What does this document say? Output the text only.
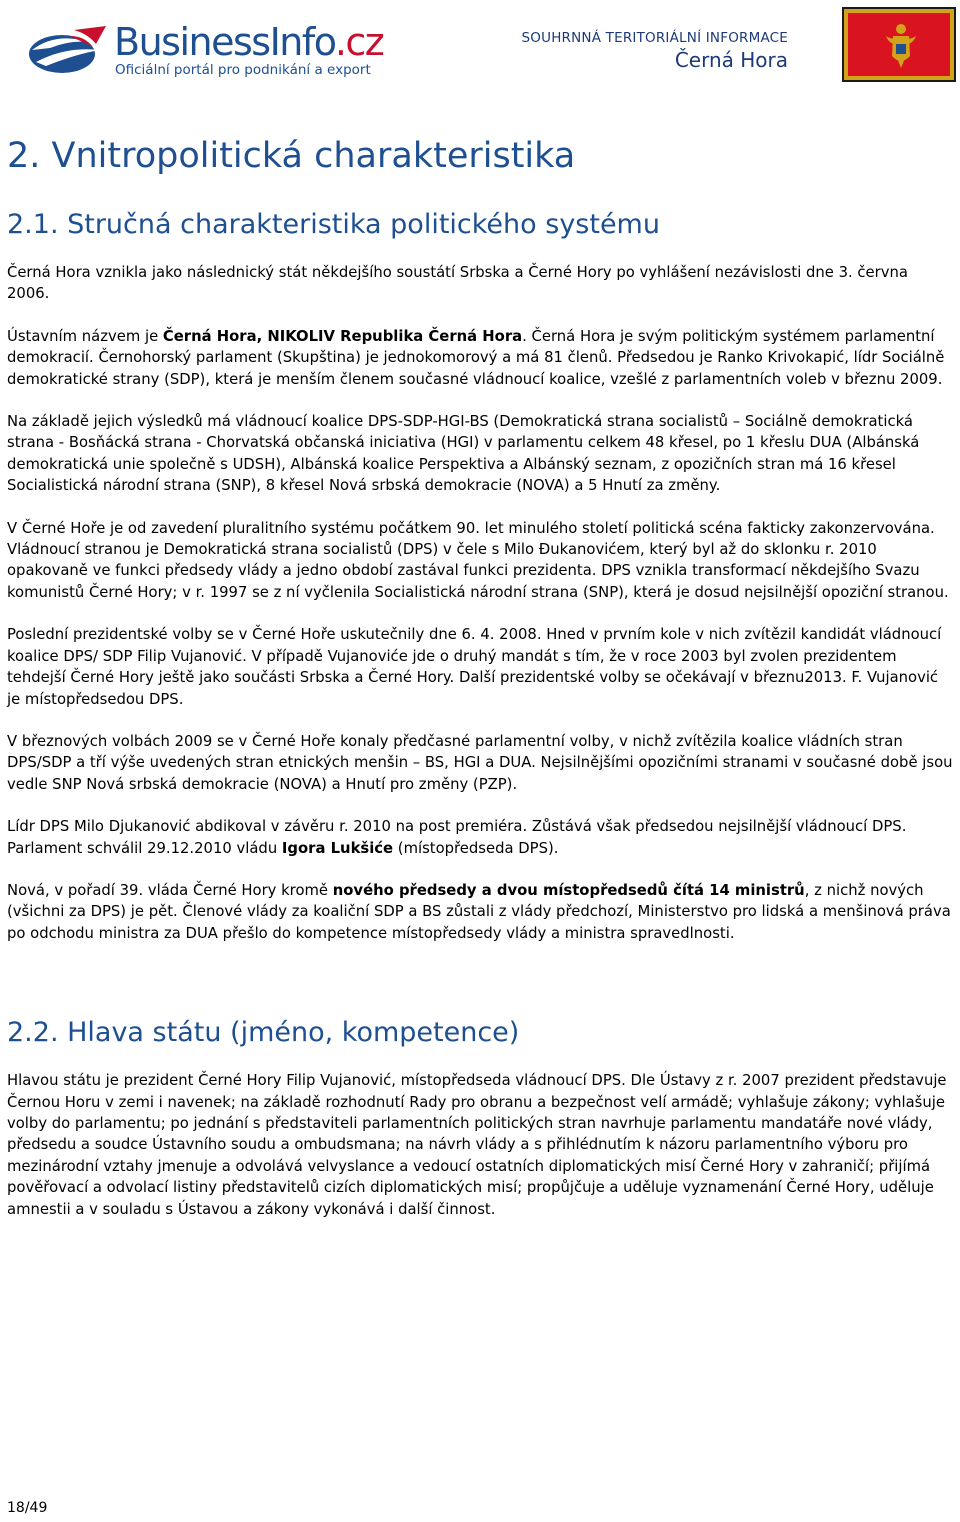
BusinessInfo.cz
Oficiální portál pro podnikání a export
SOUHRNNÁ TERITORIÁLNÍ INFORMACE
Černá Hora
2. Vnitropolitická charakteristika
2.1. Stručná charakteristika politického systému

Černá Hora vznikla jako následnický stát někdejšího soustátí Srbska a Černé Hory po vyhlášení nezávislosti dne 3. června 2006.

Ústavním názvem je Černá Hora, NIKOLIV Republika Černá Hora. Černá Hora je svým politickým systémem parlamentní demokracií. Černohorský parlament (Skupština) je jednokomorový a má 81 členů. Předsedou je Ranko Krivokapić, lídr Sociálně demokratické strany (SDP), která je menším členem současné vládnoucí koalice, vzešlé z parlamentních voleb v březnu 2009.

Na základě jejich výsledků má vládnoucí koalice DPS-SDP-HGI-BS (Demokratická strana socialistů – Sociálně demokratická strana - Bosňácká strana - Chorvatská občanská iniciativa (HGI) v parlamentu celkem 48 křesel, po 1 křeslu DUA (Albánská demokratická unie společně s UDSH), Albánská koalice Perspektiva a Albánský seznam, z opozičních stran má 16 křesel Socialistická národní strana (SNP), 8 křesel Nová srbská demokracie (NOVA) a 5 Hnutí za změny.

V Černé Hoře je od zavedení pluralitního systému počátkem 90. let minulého století politická scéna fakticky zakonzervována. Vládnoucí stranou je Demokratická strana socialistů (DPS) v čele s Milo Đukanovićem, který byl až do sklonku r. 2010 opakovaně ve funkci předsedy vlády a jedno období zastával funkci prezidenta. DPS vznikla transformací někdejšího Svazu komunistů Černé Hory; v r. 1997 se z ní vyčlenila Socialistická národní strana (SNP), která je dosud nejsilnější opoziční stranou.

Poslední prezidentské volby se v Černé Hoře uskutečnily dne 6. 4. 2008. Hned v prvním kole v nich zvítězil kandidát vládnoucí koalice DPS/ SDP Filip Vujanović. V případě Vujanoviće jde o druhý mandát s tím, že v roce 2003 byl zvolen prezidentem tehdejší Černé Hory ještě jako součásti Srbska a Černé Hory. Další prezidentské volby se očekávají v březnu2013. F. Vujanović je místopředsedou DPS.

V březnových volbách 2009 se v Černé Hoře konaly předčasné parlamentní volby, v nichž zvítězila koalice vládních stran DPS/SDP a tří výše uvedených stran etnických menšin – BS, HGI a DUA. Nejsilnějšími opozičními stranami v současné době jsou vedle SNP Nová srbská demokracie (NOVA) a Hnutí pro změny (PZP).

Lídr DPS Milo Djukanović abdikoval v závěru r. 2010 na post premiéra. Zůstává však předsedou nejsilnější vládnoucí DPS. Parlament schválil 29.12.2010 vládu Igora Lukšiće (místopředseda DPS).

Nová, v pořadí 39. vláda Černé Hory kromě nového předsedy a dvou místopředsedů čítá 14 ministrů, z nichž nových (všichni za DPS) je pět. Členové vlády za koaliční SDP a BS zůstali z vlády předchozí, Ministerstvo pro lidská a menšinová práva po odchodu ministra za DUA přešlo do kompetence místopředsedy vlády a ministra spravedlnosti.

2.2. Hlava státu (jméno, kompetence)

Hlavou státu je prezident Černé Hory Filip Vujanović, místopředseda vládnoucí DPS. Dle Ústavy z r. 2007 prezident představuje Černou Horu v zemi i navenek; na základě rozhodnutí Rady pro obranu a bezpečnost velí armádě; vyhlašuje zákony; vyhlašuje volby do parlamentu; po jednání s představiteli parlamentních politických stran navrhuje parlamentu mandatáře nové vlády, předsedu a soudce Ústavního soudu a ombudsmana; na návrh vlády a s přihlédnutím k názoru parlamentního výboru pro mezinárodní vztahy jmenuje a odvolává velvyslance a vedoucí ostatních diplomatických misí Černé Hory v zahraničí; přijímá pověřovací a odvolací listiny představitelů cizích diplomatických misí; propůjčuje a uděluje vyznamenání Černé Hory, uděluje amnestii a v souladu s Ústavou a zákony vykonává i další činnost.

18/49
